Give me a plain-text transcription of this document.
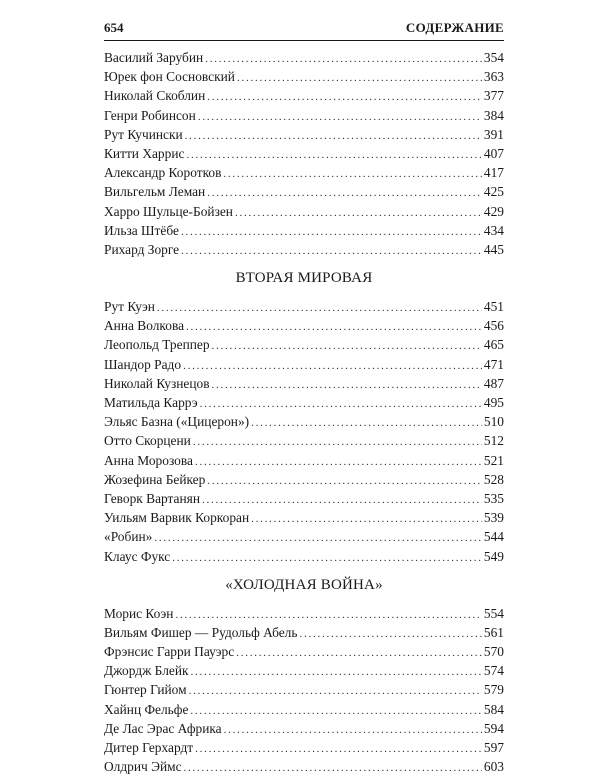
654	СОДЕРЖАНИЕ
Василий Зарубин . . .	354
Юрек фон Сосновский . . .	363
Николай Скоблин . . .	377
Генри Робинсон . . .	384
Рут Кучински . . .	391
Китти Харрис . . .	407
Александр Коротков . . .	417
Вильгельм Леман . . .	425
Харро Шульце-Бойзен . . .	429
Ильза Штёбе . . .	434
Рихард Зорге . . .	445
ВТОРАЯ МИРОВАЯ
Рут Куэн . . .	451
Анна Волкова . . .	456
Леопольд Треппер . . .	465
Шандор Радо . . .	471
Николай Кузнецов . . .	487
Матильда Каррэ . . .	495
Эльяс Базна («Цицерон») . . .	510
Отто Скорцени . . .	512
Анна Морозова . . .	521
Жозефина Бейкер . . .	528
Геворк Вартанян . . .	535
Уильям Варвик Коркоран . . .	539
«Робин» . . .	544
Клаус Фукс . . .	549
«ХОЛОДНАЯ ВОЙНА»
Морис Коэн . . .	554
Вильям Фишер — Рудольф Абель . . .	561
Фрэнсис Гарри Пауэрс . . .	570
Джордж Блейк . . .	574
Гюнтер Гийом . . .	579
Хайнц Фельфе . . .	584
Де Лас Эрас Африка . . .	594
Дитер Герхардт . . .	597
Олдрич Эймс . . .	603
